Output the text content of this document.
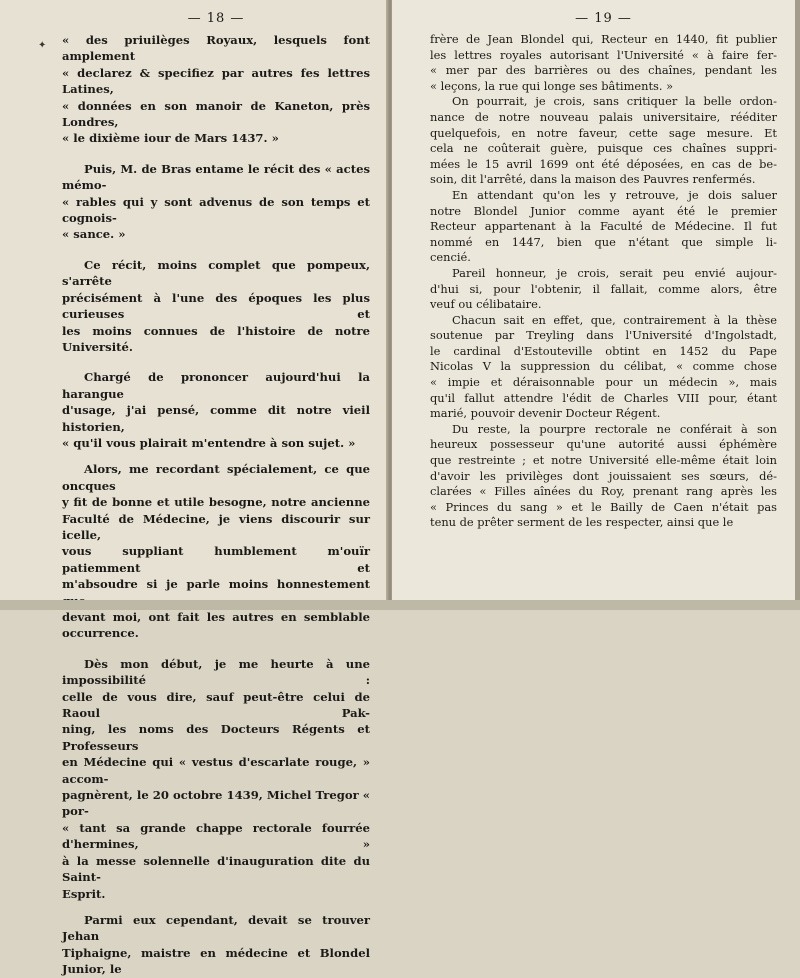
— 18 —

« des priuilèges Royaux, lesquels font amplement
« declarez & specifiez par autres fes lettres Latines,
« données en son manoir de Kaneton, près Londres,
« le dixième iour de Mars 1437. »

Puis, M. de Bras entame le récit des « actes mémo-
« rables qui y sont advenus de son temps et cognois-
« sance. »

Ce récit, moins complet que pompeux, s'arrête
précisément à l'une des époques les plus curieuses et
les moins connues de l'histoire de notre Université.

Chargé de prononcer aujourd'hui la harangue
d'usage, j'ai pensé, comme dit notre vieil historien,
« qu'il vous plairait m'entendre à son sujet. »

Alors, me recordant spécialement, ce que oncques
y fit de bonne et utile besogne, notre ancienne
Faculté de Médecine, je viens discourir sur icelle,
vous suppliant humblement m'ouïr patiemment et
m'absoudre si je parle moins honnestement
devant moi, ont fait les autres en semblable occurrence.

Dès mon début, je me heurte à une impossibilité :
celle de vous dire, sauf peut-être celui de Raoul Pak-
ning, les noms des Docteurs Régents et Professeurs
en Médecine qui « vestus d'escarlate rouge, » accom-
pagnèrent, le 20 octobre 1439, Michel Tregor « por-
« tant sa grande chappe rectorale fourrée d'hermines, »
à la messe solennelle d'inauguration dite du Saint-
Esprit.

Parmi eux cependant, devait se trouver Jehan
Tiphaigne, maistre en médecine et Blondel Junior, le

— 19 —

frère de Jean Blondel qui, Recteur en 1440, fit publier
les lettres royales autorisant l'Université « à faire fer-
« mer par des barrières ou des chaînes, pendant les
« leçons, la rue qui longe ses bâtiments. »

On pourrait, je crois, sans critiquer la belle ordon-
nance de notre nouveau palais universitaire, rééditer
quelquefois, en notre faveur, cette sage mesure. Et
cela ne coûterait guère, puisque ces chaînes suppri-
mées le 15 avril 1699 ont été déposées, en cas de be-
soin, dit l'arrêté, dans la maison des Pauvres renfermés.

En attendant qu'on les y retrouve, je dois saluer
notre Blondel Junior comme ayant été le premier
Recteur appartenant à la Faculté de Médecine. Il fut
nommé en 1447, bien que n'étant que simple li-
cencié.

Pareil honneur, je crois, serait peu envié aujour-
d'hui si, pour l'obtenir, il fallait, comme alors, être
veuf ou célibataire.

Chacun sait en effet, que, contrairement à la thèse
soutenue par Treyling dans l'Université d'Ingolstadt,
le cardinal d'Estouteville obtint en 1452 du Pape
Nicolas V la suppression du célibat, « comme chose
« impie et déraisonnable pour un médecin », mais
qu'il fallut attendre l'édit de Charles VIII pour, étant
marié, pouvoir devenir Docteur Régent.

Du reste, la pourpre rectorale ne conférait à son
heureux possesseur qu'une autorité aussi éphémère
que restreinte ; et notre Université elle-même était loin
d'avoir les privilèges dont jouissaient ses sœurs, dé-
clarées « Filles aînées du Roy, prenant rang après les
« Princes du sang » et le Bailly de Caen n'était pas
tenu de prêter serment de les respecter, ainsi que le

✦
